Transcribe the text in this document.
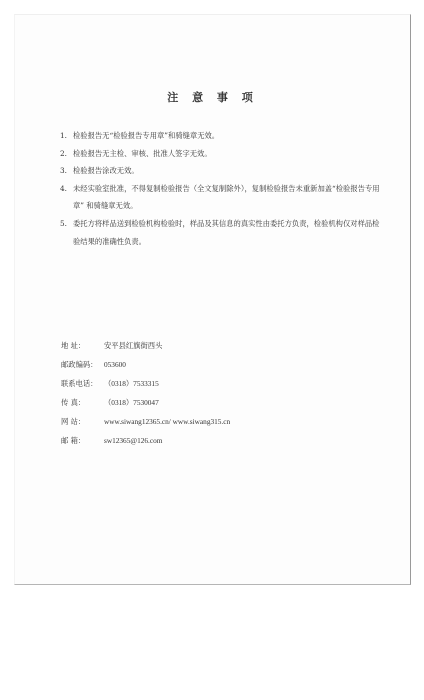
注 意 事 项
1. 检验报告无“检验报告专用章”和骑缝章无效。
2. 检验报告无主检、审核、批准人签字无效。
3. 检验报告涂改无效。
4. 未经实验室批准，不得复制检验报告（全文复制除外），复制检验报告未重新加盖“检验报告专用章” 和骑缝章无效。
5. 委托方将样品送到检验机构检验时，样品及其信息的真实性由委托方负责，检验机构仅对样品检验结果的准确性负责。
地 址：	安平县红旗街西头
邮政编码： 053600
联系电话： （0318）7533315
传 真：	（0318）7530047
网 站：	www.siwang12365.cn/ www.siwang315.cn
邮 箱：	sw12365@126.com
